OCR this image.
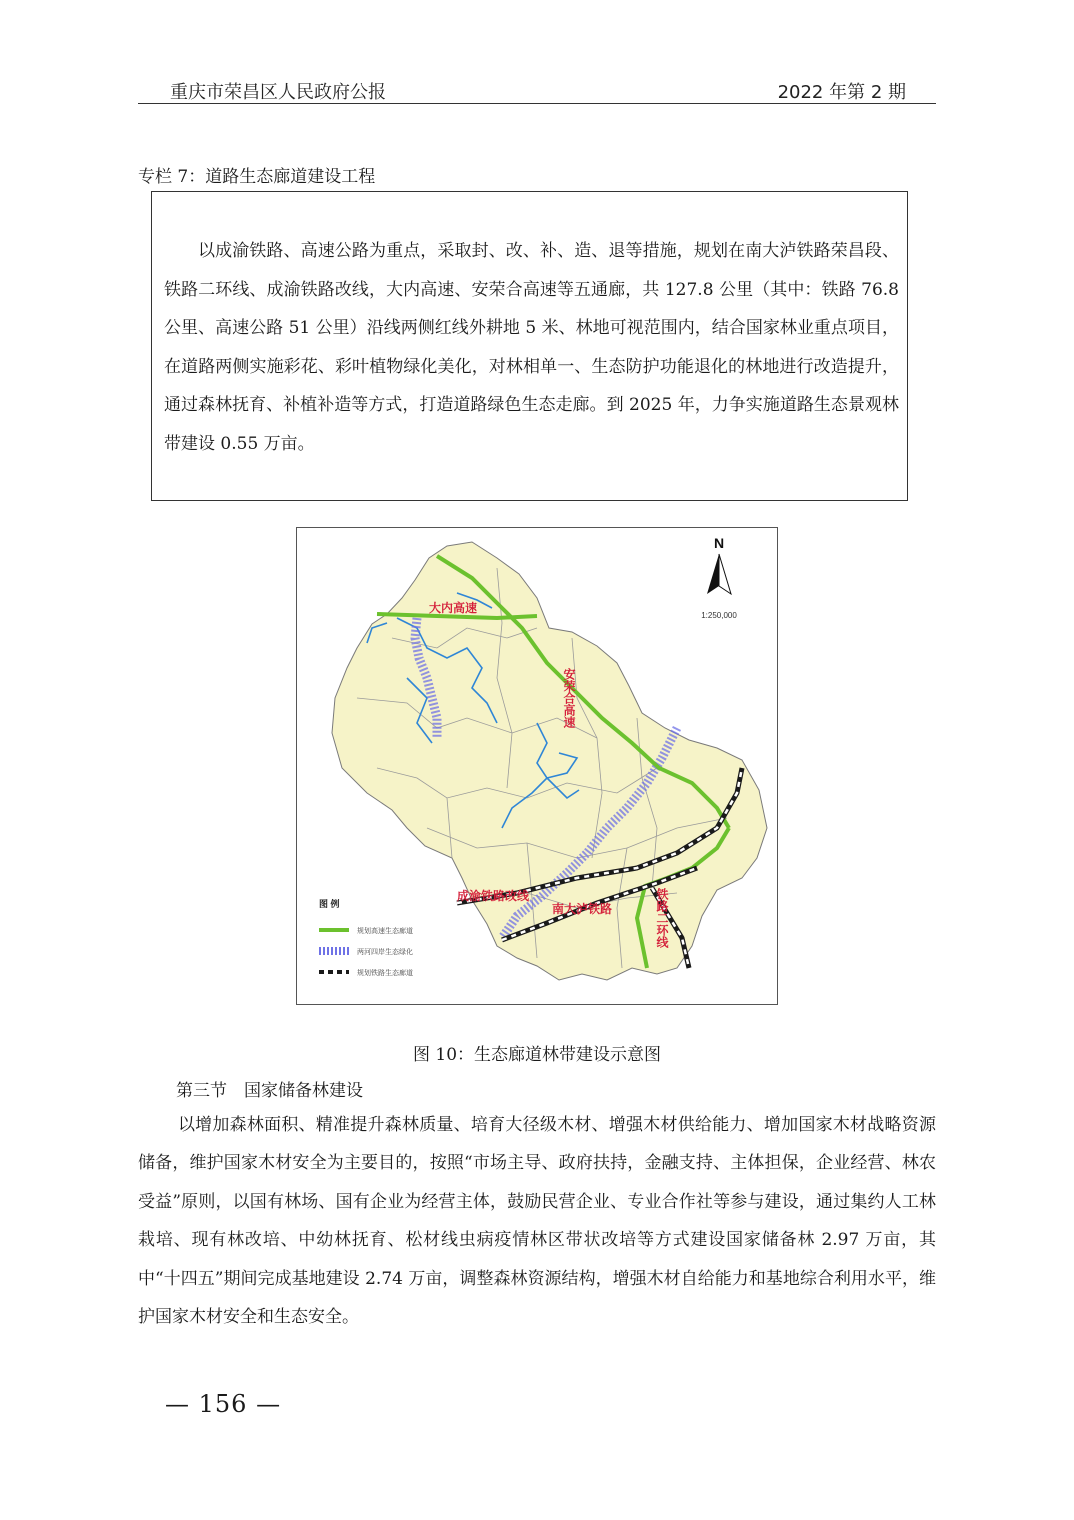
重庆市荣昌区人民政府公报	2022 年第 2 期
专栏 7：道路生态廊道建设工程
以成渝铁路、高速公路为重点，采取封、改、补、造、退等措施，规划在南大泸铁路荣昌段、铁路二环线、成渝铁路改线，大内高速、安荣合高速等五通廊，共 127.8 公里（其中：铁路 76.8 公里、高速公路 51 公里）沿线两侧红线外耕地 5 米、林地可视范围内，结合国家林业重点项目，在道路两侧实施彩花、彩叶植物绿化美化，对林相单一、生态防护功能退化的林地进行改造提升，通过森林抚育、补植补造等方式，打造道路绿色生态走廊。到 2025 年，力争实施道路生态景观林带建设 0.55 万亩。
大内高速
安荣合高速
成渝铁路改线
南大泸铁路	铁路二环线
N
1:250,000
图 例
规划高速生态廊道
两河四岸生态绿化
规划铁路生态廊道
图 10：生态廊道林带建设示意图
第三节　国家储备林建设
以增加森林面积、精准提升森林质量、培育大径级木材、增强木材供给能力、增加国家木材战略资源储备，维护国家木材安全为主要目的，按照“市场主导、政府扶持，金融支持、主体担保，企业经营、林农受益”原则，以国有林场、国有企业为经营主体，鼓励民营企业、专业合作社等参与建设，通过集约人工林栽培、现有林改培、中幼林抚育、松材线虫病疫情林区带状改培等方式建设国家储备林 2.97 万亩，其中“十四五”期间完成基地建设 2.74 万亩，调整森林资源结构，增强木材自给能力和基地综合利用水平，维护国家木材安全和生态安全。
— 156 —
